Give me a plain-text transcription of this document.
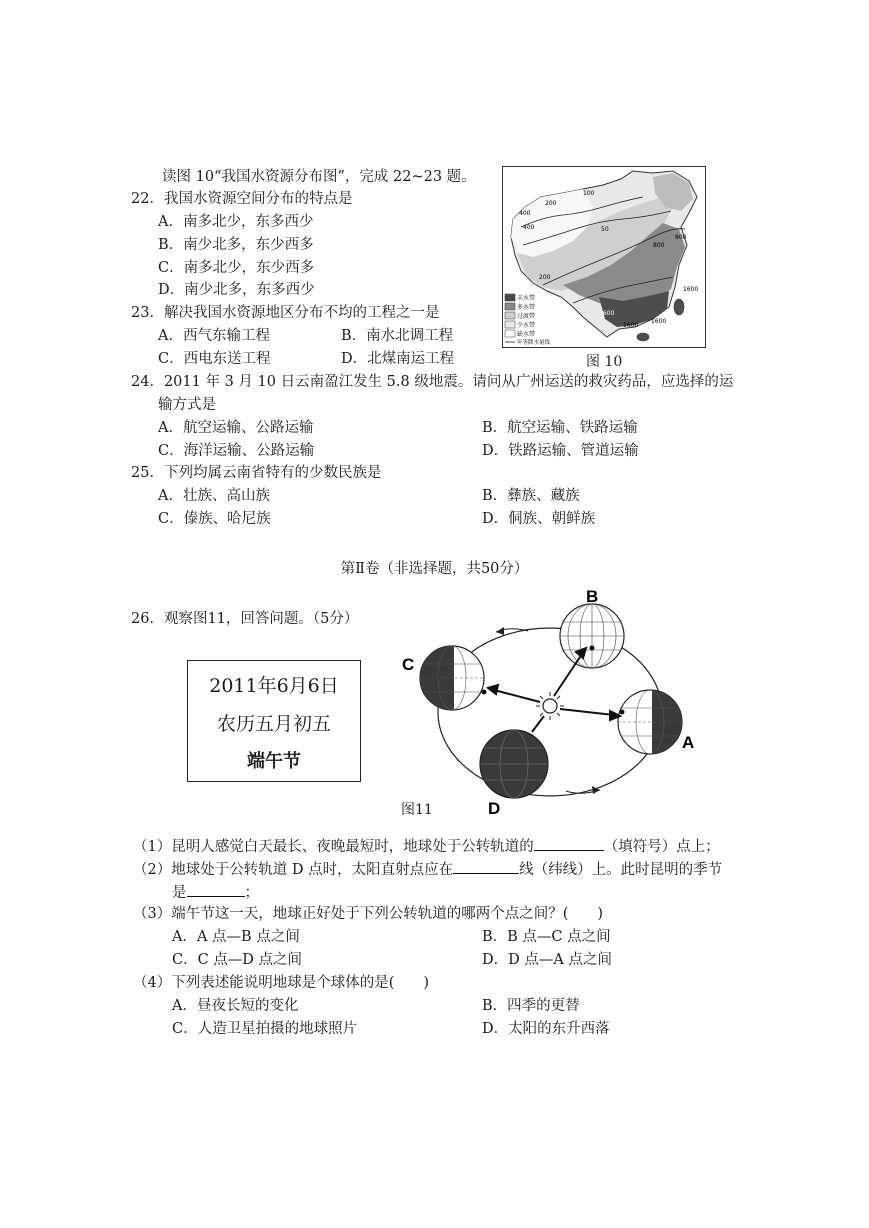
读图 10“我国水资源分布图”，完成 22~23 题。
22．我国水资源空间分布的特点是
A．南多北少，东多西少
B．南少北多，东少西多
C．南多北少，东少西多
D．南少北多，东多西少
23．解决我国水资源地区分布不均的工程之一是
A．西气东输工程	B．南水北调工程
C．西电东送工程	D．北煤南运工程
丰水带
多水带
过渡带
少水带
缺水带
年等降水量线
400
200
50
100
800
800
1600
1600
1600
1600
200
400
图 10
24．2011 年 3 月 10 日云南盈江发生 5.8 级地震。请问从广州运送的救灾药品，应选择的运
输方式是
A．航空运输、公路运输	B．航空运输、铁路运输
C．海洋运输、公路运输	D．铁路运输、管道运输
25．下列均属云南省特有的少数民族是
A．壮族、高山族	B．彝族、藏族
C．傣族、哈尼族	D．侗族、朝鲜族
第Ⅱ卷（非选择题，共50分）
26．观察图11，回答问题。（5分）
2011年6月6日
农历五月初五
端午节
B
C
A
D
图11
（1）昆明人感觉白天最长、夜晚最短时，地球处于公转轨道的	（填符号）点上；
（2）地球处于公转轨道 D 点时，太阳直射点应在	线（纬线）上。此时昆明的季节
是	；
（3）端午节这一天，地球正好处于下列公转轨道的哪两个点之间？(　　)
A．A 点—B 点之间	B．B 点—C 点之间
C．C 点—D 点之间	D．D 点—A 点之间
（4）下列表述能说明地球是个球体的是(　　)
A．昼夜长短的变化	B．四季的更替
C．人造卫星拍摄的地球照片	D．太阳的东升西落
